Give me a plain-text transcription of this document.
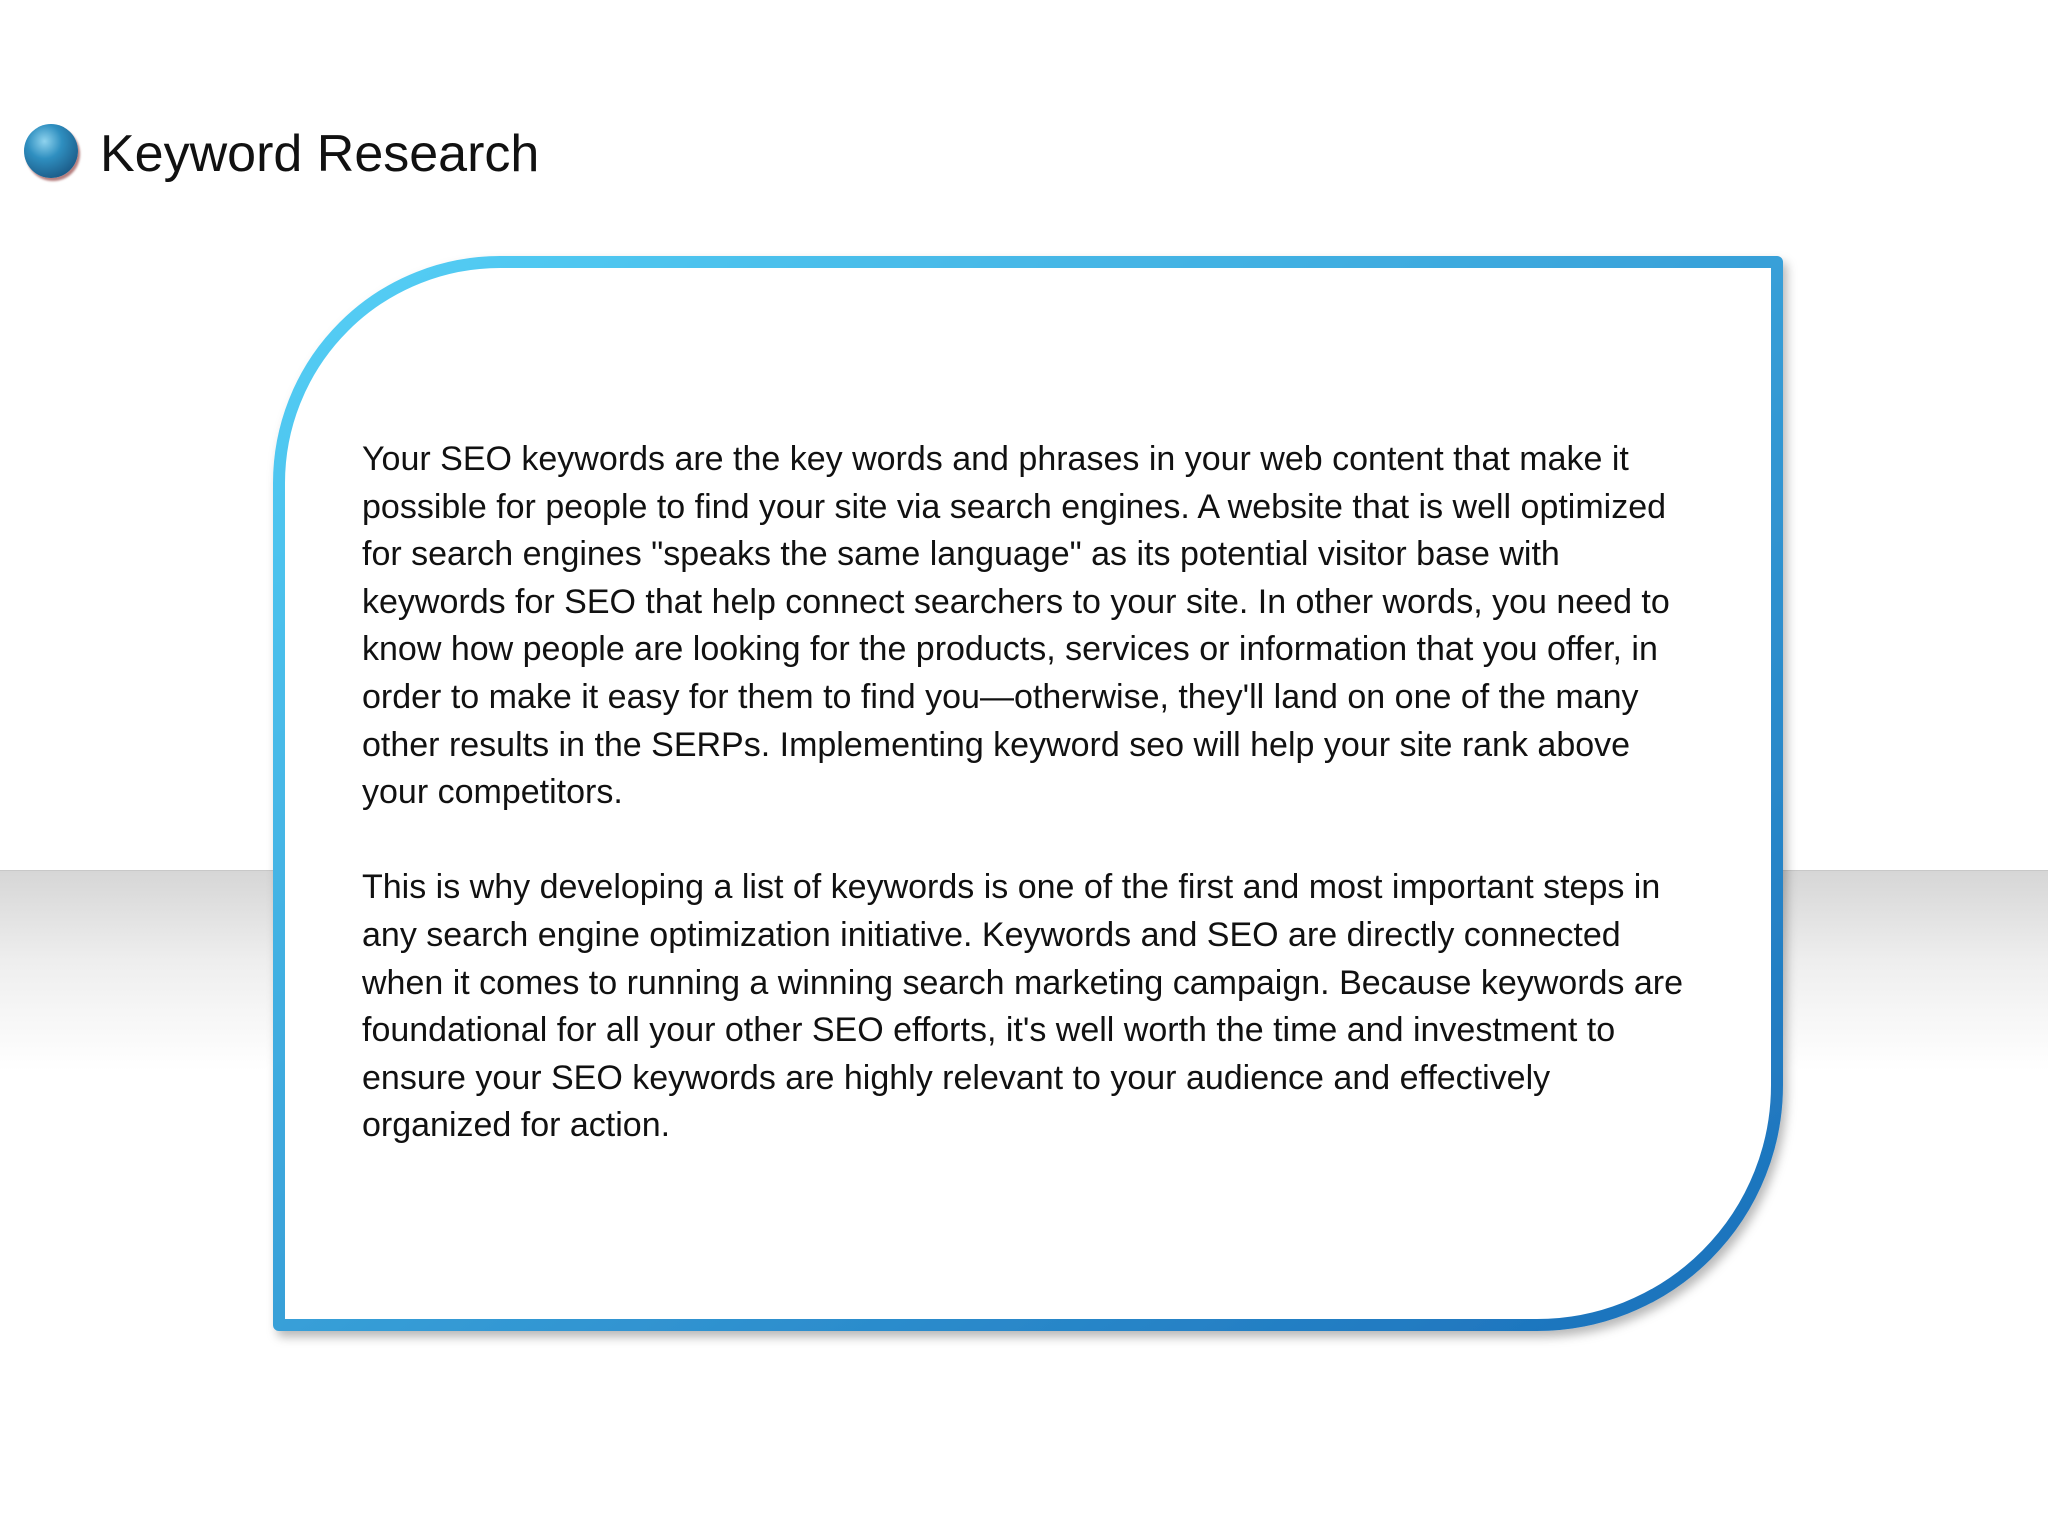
Keyword Research

Your SEO keywords are the key words and phrases in your web content that make it possible for people to find your site via search engines. A website that is well optimized for search engines "speaks the same language" as its potential visitor base with keywords for SEO that help connect searchers to your site. In other words, you need to know how people are looking for the products, services or information that you offer, in order to make it easy for them to find you—otherwise, they'll land on one of the many other results in the SERPs. Implementing keyword seo will help your site rank above your competitors.

This is why developing a list of keywords is one of the first and most important steps in any search engine optimization initiative. Keywords and SEO are directly connected when it comes to running a winning search marketing campaign. Because keywords are foundational for all your other SEO efforts, it's well worth the time and investment to ensure your SEO keywords are highly relevant to your audience and effectively organized for action.
